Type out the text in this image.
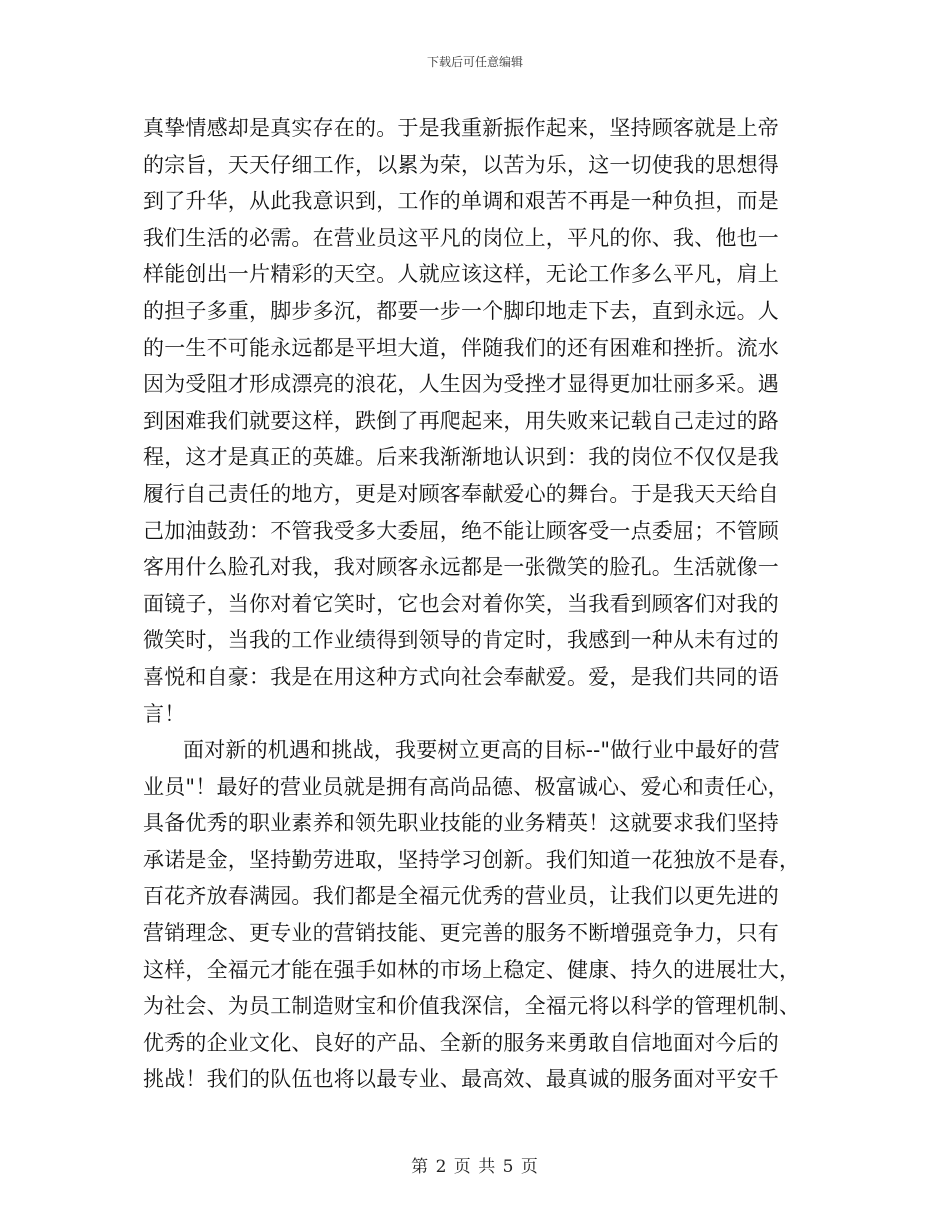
下载后可任意编辑
真挚情感却是真实存在的。于是我重新振作起来，坚持顾客就是上帝
的宗旨，天天仔细工作，以累为荣，以苦为乐，这一切使我的思想得
到了升华，从此我意识到，工作的单调和艰苦不再是一种负担，而是
我们生活的必需。在营业员这平凡的岗位上，平凡的你、我、他也一
样能创出一片精彩的天空。人就应该这样，无论工作多么平凡，肩上
的担子多重，脚步多沉，都要一步一个脚印地走下去，直到永远。人
的一生不可能永远都是平坦大道，伴随我们的还有困难和挫折。流水
因为受阻才形成漂亮的浪花，人生因为受挫才显得更加壮丽多采。遇
到困难我们就要这样，跌倒了再爬起来，用失败来记载自己走过的路
程，这才是真正的英雄。后来我渐渐地认识到：我的岗位不仅仅是我
履行自己责任的地方，更是对顾客奉献爱心的舞台。于是我天天给自
己加油鼓劲：不管我受多大委屈，绝不能让顾客受一点委屈；不管顾
客用什么脸孔对我，我对顾客永远都是一张微笑的脸孔。生活就像一
面镜子，当你对着它笑时，它也会对着你笑，当我看到顾客们对我的
微笑时，当我的工作业绩得到领导的肯定时，我感到一种从未有过的
喜悦和自豪：我是在用这种方式向社会奉献爱。爱，是我们共同的语
言！
面对新的机遇和挑战，我要树立更高的目标--"做行业中最好的营
业员"！最好的营业员就是拥有高尚品德、极富诚心、爱心和责任心，
具备优秀的职业素养和领先职业技能的业务精英！这就要求我们坚持
承诺是金，坚持勤劳进取，坚持学习创新。我们知道一花独放不是春，
百花齐放春满园。我们都是全福元优秀的营业员，让我们以更先进的
营销理念、更专业的营销技能、更完善的服务不断增强竞争力，只有
这样，全福元才能在强手如林的市场上稳定、健康、持久的进展壮大，
为社会、为员工制造财宝和价值我深信，全福元将以科学的管理机制、
优秀的企业文化、良好的产品、全新的服务来勇敢自信地面对今后的
挑战！我们的队伍也将以最专业、最高效、最真诚的服务面对平安千
第 2 页 共 5 页
